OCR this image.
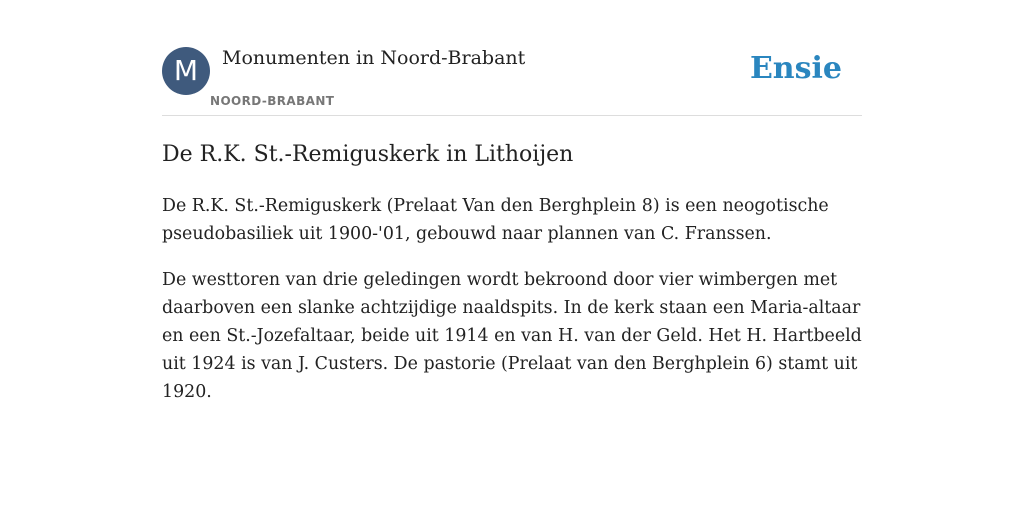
M	Monumenten in Noord-Brabant
NOORD-BRABANT
Ensie
De R.K. St.-Remiguskerk in Lithoijen

De R.K. St.-Remiguskerk (Prelaat Van den Berghplein 8) is een neogotische pseudobasiliek uit 1900-'01, gebouwd naar plannen van C. Franssen.

De westtoren van drie geledingen wordt bekroond door vier wimbergen met daarboven een slanke achtzijdige naaldspits. In de kerk staan een Maria-altaar en een St.-Jozefaltaar, beide uit 1914 en van H. van der Geld. Het H. Hartbeeld uit 1924 is van J. Custers. De pastorie (Prelaat van den Berghplein 6) stamt uit 1920.
